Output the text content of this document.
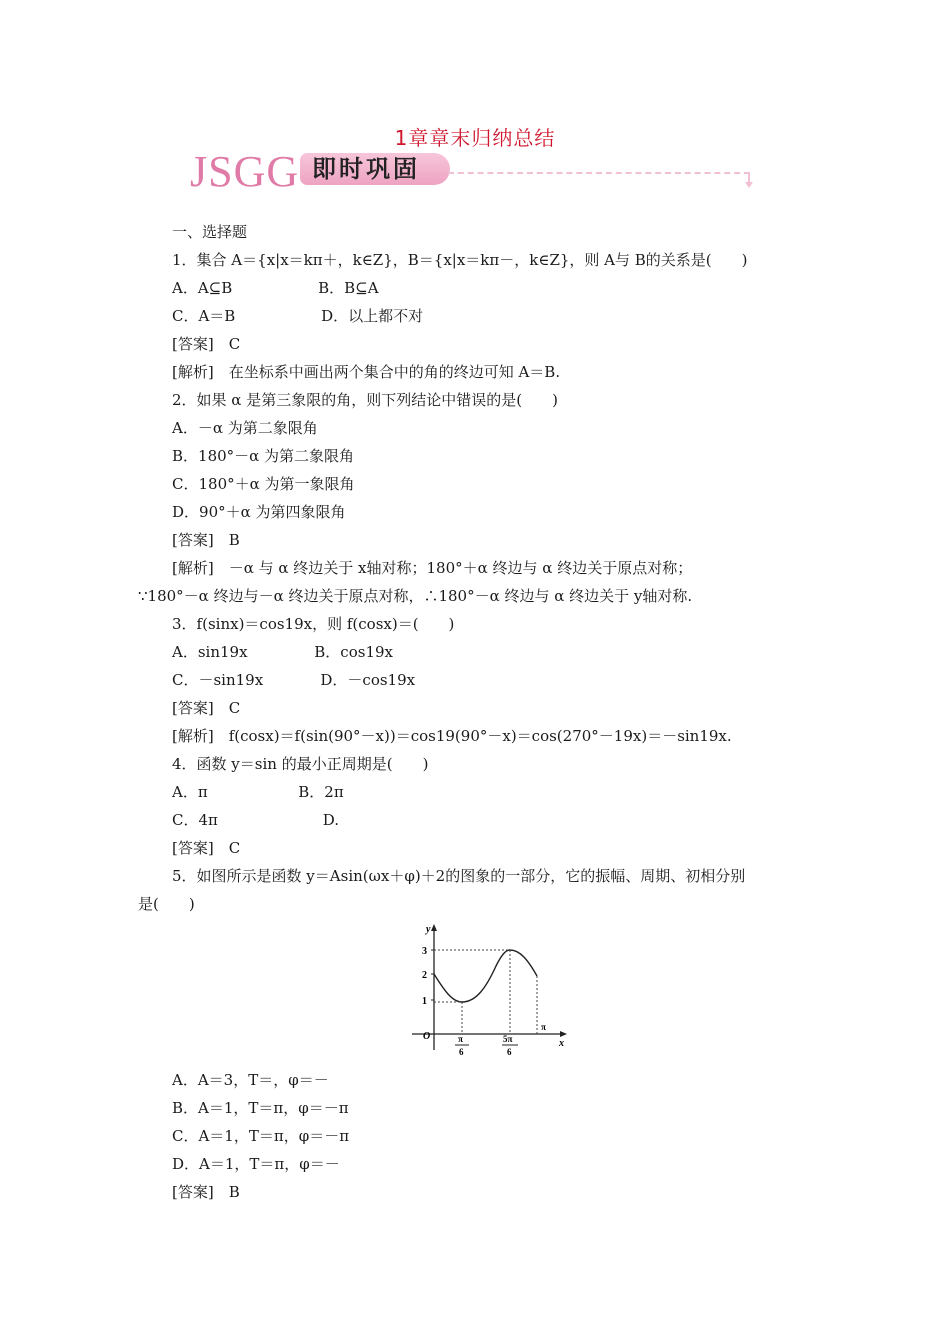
1章章末归纳总结
JSGG 即时巩固
一、选择题
1．集合 A＝{x|x＝kπ＋，k∈Z}，B＝{x|x＝kπ－，k∈Z}，则 A与 B的关系是(　　)
A．A⊆B                  B．B⊆A
C．A＝B                  D．以上都不对
[答案]　C
[解析]　在坐标系中画出两个集合中的角的终边可知 A＝B.
2．如果 α 是第三象限的角，则下列结论中错误的是(　　)
A．－α 为第二象限角
B．180°－α 为第二象限角
C．180°＋α 为第一象限角
D．90°＋α 为第四象限角
[答案]　B
[解析]　－α 与 α 终边关于 x轴对称；180°＋α 终边与 α 终边关于原点对称；
∵180°－α 终边与－α 终边关于原点对称，∴180°－α 终边与 α 终边关于 y轴对称.
3．f(sinx)＝cos19x，则 f(cosx)＝(　　)
A．sin19x              B．cos19x
C．－sin19x            D．－cos19x
[答案]　C
[解析]　f(cosx)＝f(sin(90°－x))＝cos19(90°－x)＝cos(270°－19x)＝－sin19x.
4．函数 y＝sin 的最小正周期是(　　)
A．π                   B．2π
C．4π                      D.
[答案]　C
5．如图所示是函数 y＝Asin(ωx＋φ)＋2的图象的一部分，它的振幅、周期、初相分别
是(　　)
y
x
O
3
2
1
π
6
5π
6
π
A．A＝3，T＝，φ＝－
B．A＝1，T＝π，φ＝－π
C．A＝1，T＝π，φ＝－π
D．A＝1，T＝π，φ＝－
[答案]　B
